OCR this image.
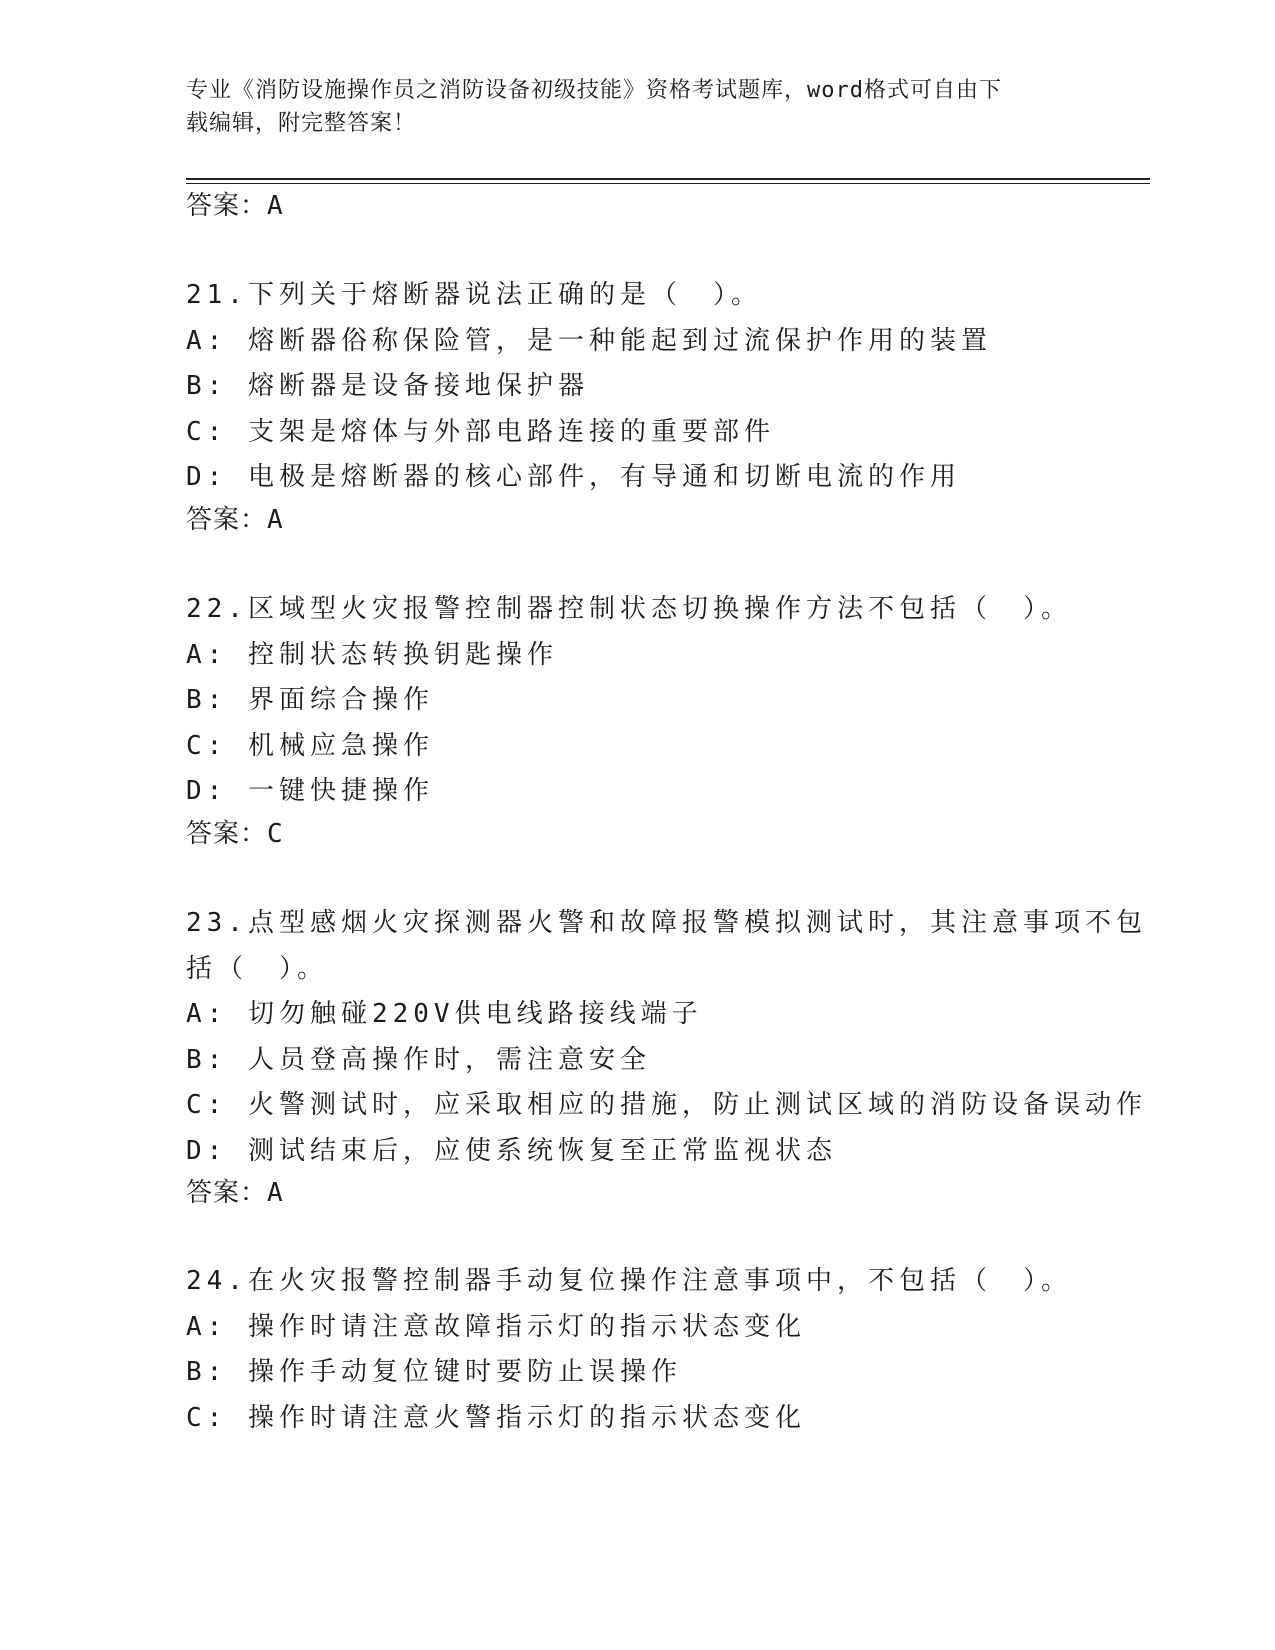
专业《消防设施操作员之消防设备初级技能》资格考试题库，word格式可自由下
载编辑，附完整答案！
答案：A
21.下列关于熔断器说法正确的是（　）。
A: 熔断器俗称保险管，是一种能起到过流保护作用的装置
B: 熔断器是设备接地保护器
C: 支架是熔体与外部电路连接的重要部件
D: 电极是熔断器的核心部件，有导通和切断电流的作用
答案：A
22.区域型火灾报警控制器控制状态切换操作方法不包括（　）。
A: 控制状态转换钥匙操作
B: 界面综合操作
C: 机械应急操作
D: 一键快捷操作
答案：C
23.点型感烟火灾探测器火警和故障报警模拟测试时，其注意事项不包
括（　）。
A: 切勿触碰220V供电线路接线端子
B: 人员登高操作时，需注意安全
C: 火警测试时，应采取相应的措施，防止测试区域的消防设备误动作
D: 测试结束后，应使系统恢复至正常监视状态
答案：A
24.在火灾报警控制器手动复位操作注意事项中，不包括（　）。
A: 操作时请注意故障指示灯的指示状态变化
B: 操作手动复位键时要防止误操作
C: 操作时请注意火警指示灯的指示状态变化
